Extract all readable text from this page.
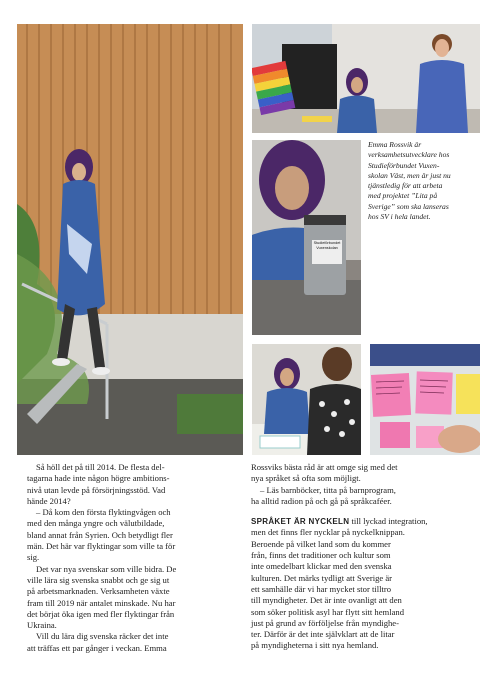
Studieförbundet
Vuxenskolan
Emma Rossvik är
verksamhetsutvecklare hos
Studieförbundet Vuxen-
skolan Väst, men är just nu
tjänstledig för att arbeta
med projektet ”Lita på
Sverige” som ska lanseras
hos SV i hela landet.

Så höll det på till 2014. De flesta del-
tagarna hade inte någon högre ambitions-
nivå utan levde på försörjningsstöd. Vad
hände 2014?

– Då kom den första flyktingvågen och
med den många yngre och välutbildade,
bland annat från Syrien. Och betydligt fler
män. Det här var flyktingar som ville ta för
sig.

Det var nya svenskar som ville bidra. De
ville lära sig svenska snabbt och ge sig ut
på arbetsmarknaden. Verksamheten växte
fram till 2019 när antalet minskade. Nu har
det börjat öka igen med fler flyktingar från
Ukraina.

Vill du lära dig svenska räcker det inte
att träffas ett par gånger i veckan. Emma

Rossviks bästa råd är att omge sig med det
nya språket så ofta som möjligt.

– Läs barnböcker, titta på barnprogram,
ha alltid radion på och gå på språkcaféer.

SPRÅKET ÄR NYCKELN till lyckad integration,
men det finns fler nycklar på nyckelknippan.
Beroende på vilket land som du kommer
från, finns det traditioner och kultur som
inte omedelbart klickar med den svenska
kulturen. Det märks tydligt att Sverige är
ett samhälle där vi har mycket stor tilltro
till myndigheter. Det är inte ovanligt att den
som söker politisk asyl har flytt sitt hemland
just på grund av förföljelse från myndighe-
ter. Därför är det inte självklart att de litar
på myndigheterna i sitt nya hemland.
